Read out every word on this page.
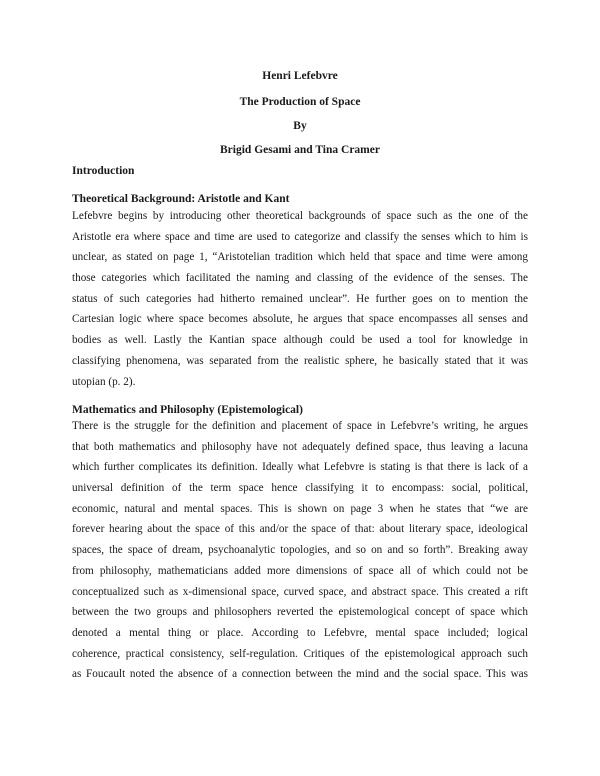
Henri Lefebvre
The Production of Space
By
Brigid Gesami and Tina Cramer
Introduction
Theoretical Background: Aristotle and Kant
Lefebvre begins by introducing other theoretical backgrounds of space such as the one of the
Aristotle era where space and time are used to categorize and classify the senses which to him is
unclear, as stated on page 1, “Aristotelian tradition which held that space and time were among
those categories which facilitated the naming and classing of the evidence of the senses. The
status of such categories had hitherto remained unclear”. He further goes on to mention the
Cartesian logic where space becomes absolute, he argues that space encompasses all senses and
bodies as well. Lastly the Kantian space although could be used a tool for knowledge in
classifying phenomena, was separated from the realistic sphere, he basically stated that it was
utopian (p. 2).
Mathematics and Philosophy (Epistemological)
There is the struggle for the definition and placement of space in Lefebvre’s writing, he argues
that both mathematics and philosophy have not adequately defined space, thus leaving a lacuna
which further complicates its definition. Ideally what Lefebvre is stating is that there is lack of a
universal definition of the term space hence classifying it to encompass: social, political,
economic, natural and mental spaces. This is shown on page 3 when he states that “we are
forever hearing about the space of this and/or the space of that: about literary space, ideological
spaces, the space of dream, psychoanalytic topologies, and so on and so forth”. Breaking away
from philosophy, mathematicians added more dimensions of space all of which could not be
conceptualized such as x-dimensional space, curved space, and abstract space. This created a rift
between the two groups and philosophers reverted the epistemological concept of space which
denoted a mental thing or place. According to Lefebvre, mental space included; logical
coherence, practical consistency, self-regulation. Critiques of the epistemological approach such
as Foucault noted the absence of a connection between the mind and the social space. This was
